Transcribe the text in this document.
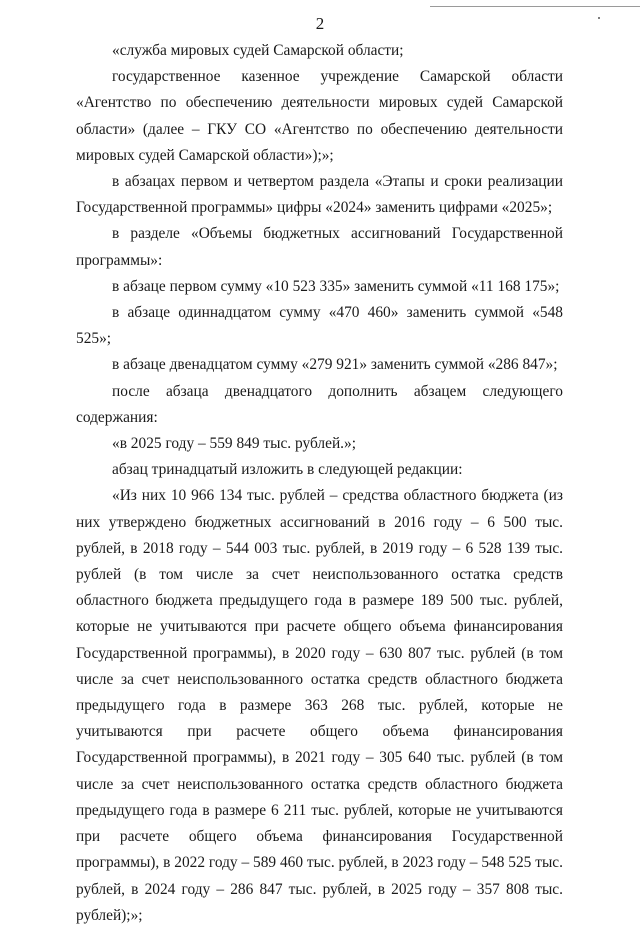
2

«служба мировых судей Самарской области;

государственное казенное учреждение Самарской области «Агентство по обеспечению деятельности мировых судей Самарской области» (далее – ГКУ СО «Агентство по обеспечению деятельности мировых судей Самарской области»);»;

в абзацах первом и четвертом раздела «Этапы и сроки реализации Государственной программы» цифры «2024» заменить цифрами «2025»;

в разделе «Объемы бюджетных ассигнований Государственной программы»:

в абзаце первом сумму «10 523 335» заменить суммой «11 168 175»;

в абзаце одиннадцатом сумму «470 460» заменить суммой «548 525»;

в абзаце двенадцатом сумму «279 921» заменить суммой «286 847»;

после абзаца двенадцатого дополнить абзацем следующего содержания:

«в 2025 году – 559 849 тыс. рублей.»;

абзац тринадцатый изложить в следующей редакции:

«Из них 10 966 134 тыс. рублей – средства областного бюджета (из них утверждено бюджетных ассигнований в 2016 году – 6 500 тыс. рублей, в 2018 году – 544 003 тыс. рублей, в 2019 году – 6 528 139 тыс. рублей (в том числе за счет неиспользованного остатка средств областного бюджета предыдущего года в размере 189 500 тыс. рублей, которые не учитываются при расчете общего объема финансирования Государственной программы), в 2020 году – 630 807 тыс. рублей (в том числе за счет неиспользованного остатка средств областного бюджета предыдущего года в размере 363 268 тыс. рублей, которые не учитываются при расчете общего объема финансирования Государственной программы), в 2021 году – 305 640 тыс. рублей (в том числе за счет неиспользованного остатка средств областного бюджета предыдущего года в размере 6 211 тыс. рублей, которые не учитываются при расчете общего объема финансирования Государственной программы), в 2022 году – 589 460 тыс. рублей, в 2023 году – 548 525 тыс. рублей, в 2024 году – 286 847 тыс. рублей, в 2025 году – 357 808 тыс. рублей);»;
